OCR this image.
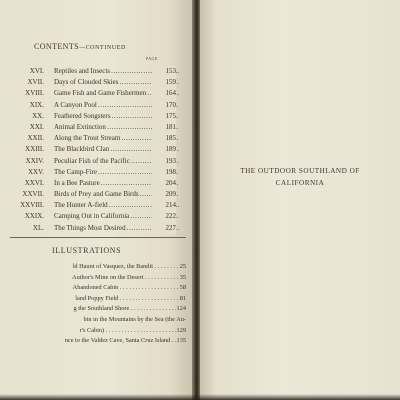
CONTENTS—CONTINUED
PAGE
XVI. Reptiles and Insects . . .	153
XVII. Days of Clouded Skies . . .	159
XVIII. Game Fish and Game Fishermen . . .	164
XIX. A Canyon Pool . . .	170
XX. Feathered Songsters . . .	175
XXI. Animal Extinction . . .	181
XXII. Along the Trout Stream . . .	185
XXIII. The Blackbird Clan . . .	189
XXIV. Peculiar Fish of the Pacific . . .	193
XXV. The Camp-Fire . . .	198
XXVI. In a Bee Pasture . . .	204
XXVII. Birds of Prey and Game Birds . . .	209
XXVIII. The Hunter A-field . . .	214
XXIX. Camping Out in California . . .	222
XL. The Things Most Desired . . .	227
ILLUSTRATIONS
ld Haunt of Vasquez, the Bandit . . . . . . . . 25
Author's Mine on the Desert . . . . . . . . . . . 35
Abandoned Cabin . . . . . . . . . . . . . . . . . . . 58
land Poppy Field . . . . . . . . . . . . . . . . . . . 81
g the Southland Shore . . . . . . . . . . . . . . .124
bin in the Mountains by the Sea (the Au-
r's Cabin) . . . . . . . . . . . . . . . . . . . . . . .129
nce to the Valdez Cave, Santa Cruz Island . .135
THE OUTDOOR SOUTHLAND OF
CALIFORNIA
